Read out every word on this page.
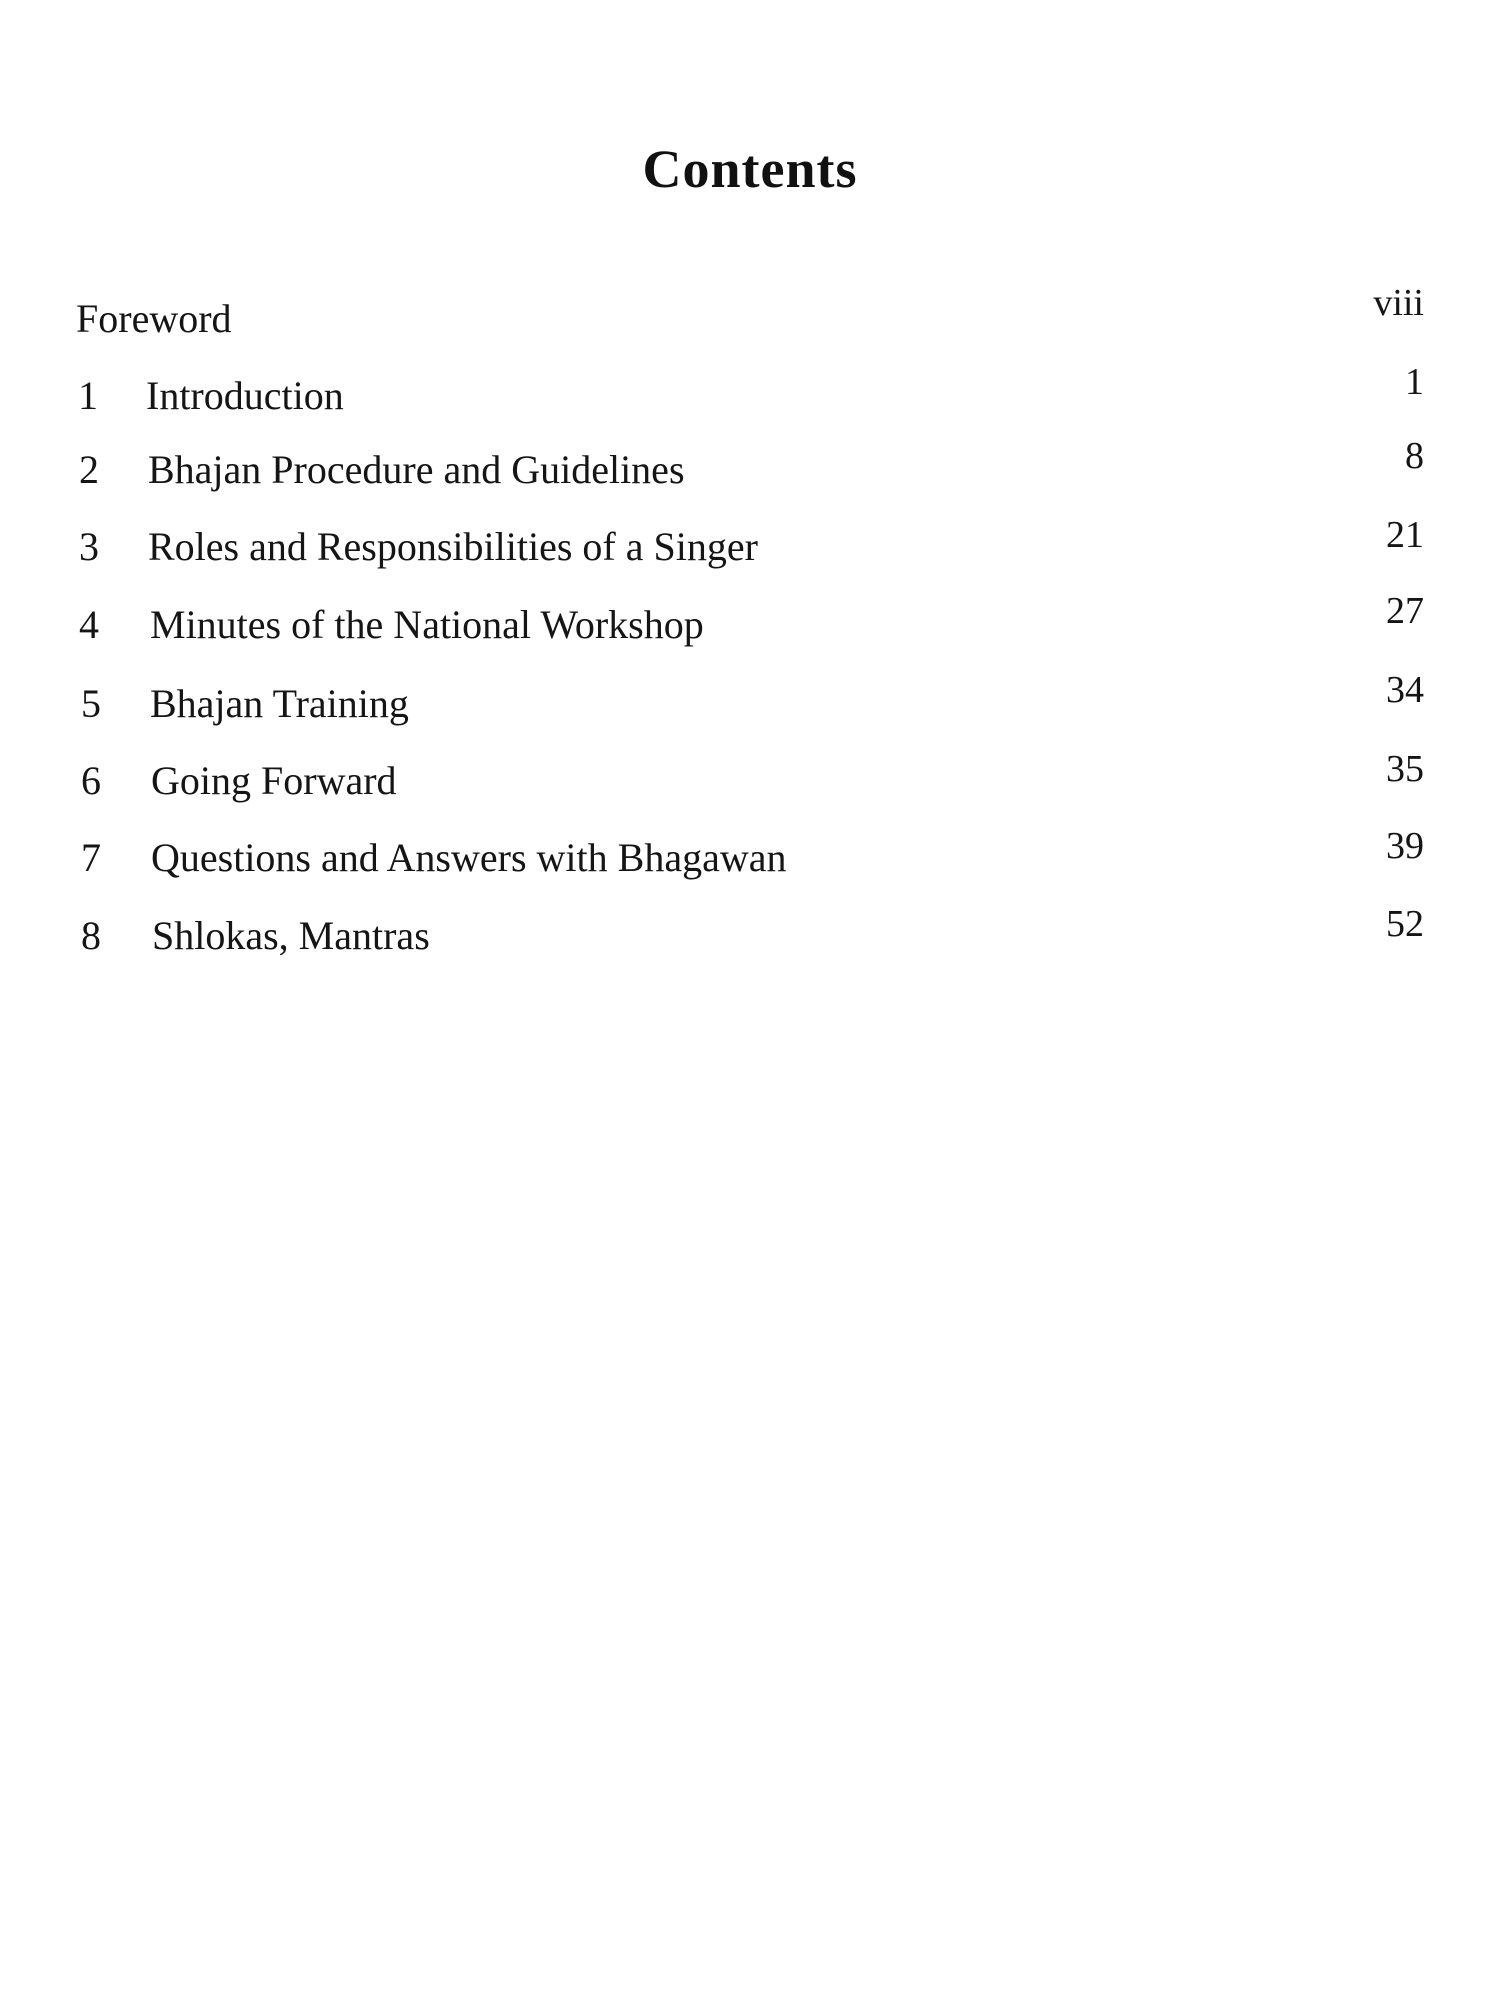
Contents
Foreword	viii
1 Introduction	1
2 Bhajan Procedure and Guidelines	8
3 Roles and Responsibilities of a Singer	21
4 Minutes of the National Workshop	27
5 Bhajan Training	34
6 Going Forward	35
7 Questions and Answers with Bhagawan	39
8 Shlokas, Mantras	52
